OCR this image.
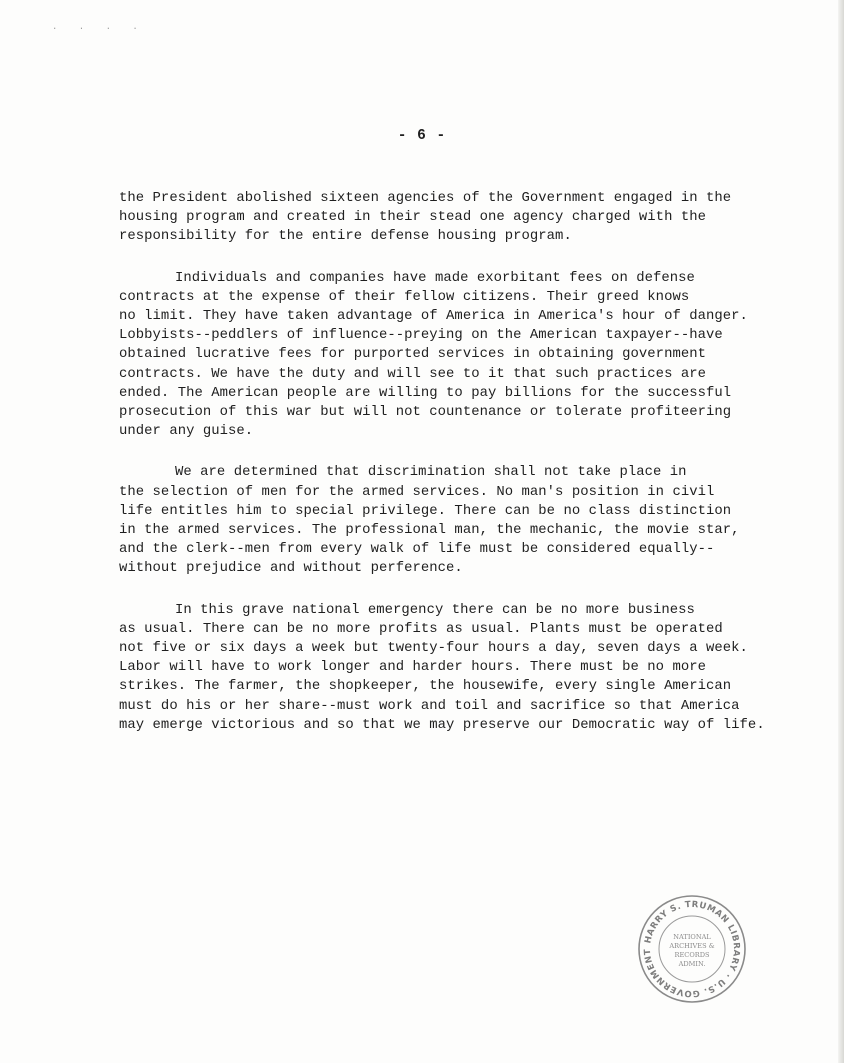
· · · ·
- 6 -
the President abolished sixteen agencies of the Government engaged in the
housing program and created in their stead one agency charged with the
responsibility for the entire defense housing program.
Individuals and companies have made exorbitant fees on defense
contracts at the expense of their fellow citizens. Their greed knows
no limit. They have taken advantage of America in America's hour of danger.
Lobbyists--peddlers of influence--preying on the American taxpayer--have
obtained lucrative fees for purported services in obtaining government
contracts. We have the duty and will see to it that such practices are
ended. The American people are willing to pay billions for the successful
prosecution of this war but will not countenance or tolerate profiteering
under any guise.
We are determined that discrimination shall not take place in
the selection of men for the armed services. No man's position in civil
life entitles him to special privilege. There can be no class distinction
in the armed services. The professional man, the mechanic, the movie star,
and the clerk--men from every walk of life must be considered equally--
without prejudice and without perference.
In this grave national emergency there can be no more business
as usual. There can be no more profits as usual. Plants must be operated
not five or six days a week but twenty-four hours a day, seven days a week.
Labor will have to work longer and harder hours. There must be no more
strikes. The farmer, the shopkeeper, the housewife, every single American
must do his or her share--must work and toil and sacrifice so that America
may emerge victorious and so that we may preserve our Democratic way of life.
HARRY S. TRUMAN LIBRARY · U.S. GOVERNMENT
NATIONAL
ARCHIVES &
RECORDS
ADMIN.
